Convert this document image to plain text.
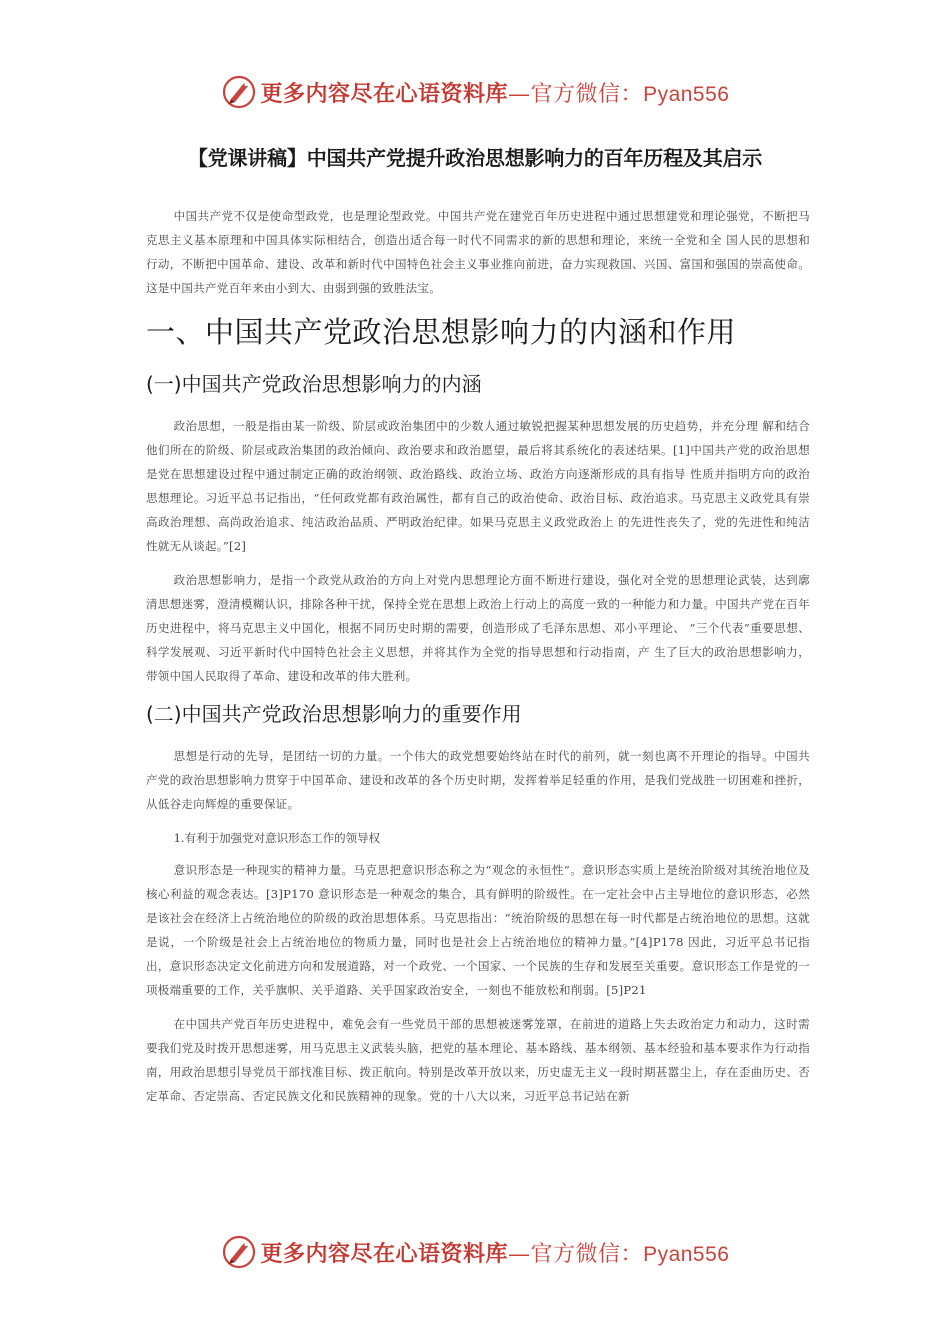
更多内容尽在心语资料库—官方微信：Pyan556
【党课讲稿】中国共产党提升政治思想影响力的百年历程及其启示

中国共产党不仅是使命型政党，也是理论型政党。中国共产党在建党百年历史进程中通过思想建党和理论强党，不断把马克思主义基本原理和中国具体实际相结合，创造出适合每一时代不同需求的新的思想和理论，来统一全党和全 国人民的思想和行动，不断把中国革命、建设、改革和新时代中国特色社会主义事业推向前进，奋力实现救国、兴国、富国和强国的崇高使命。这是中国共产党百年来由小到大、由弱到强的致胜法宝。

一、中国共产党政治思想影响力的内涵和作用
(一)中国共产党政治思想影响力的内涵

政治思想，一般是指由某一阶级、阶层或政治集团中的少数人通过敏锐把握某种思想发展的历史趋势，并充分理 解和结合他们所在的阶级、阶层或政治集团的政治倾向、政治要求和政治愿望，最后将其系统化的表述结果。[1]中国共产党的政治思想是党在思想建设过程中通过制定正确的政治纲领、政治路线、政治立场、政治方向逐渐形成的具有指导 性质并指明方向的政治思想理论。习近平总书记指出，“任何政党都有政治属性，都有自己的政治使命、政治目标、政治追求。马克思主义政党具有崇高政治理想、高尚政治追求、纯洁政治品质、严明政治纪律。如果马克思主义政党政治上 的先进性丧失了，党的先进性和纯洁性就无从谈起。”[2]

政治思想影响力，是指一个政党从政治的方向上对党内思想理论方面不断进行建设，强化对全党的思想理论武装，达到廓清思想迷雾，澄清模糊认识，排除各种干扰，保持全党在思想上政治上行动上的高度一致的一种能力和力量。中国共产党在百年历史进程中，将马克思主义中国化，根据不同历史时期的需要，创造形成了毛泽东思想、邓小平理论、 “三个代表”重要思想、科学发展观、习近平新时代中国特色社会主义思想，并将其作为全党的指导思想和行动指南，产 生了巨大的政治思想影响力，带领中国人民取得了革命、建设和改革的伟大胜利。

(二)中国共产党政治思想影响力的重要作用

思想是行动的先导，是团结一切的力量。一个伟大的政党想要始终站在时代的前列，就一刻也离不开理论的指导。中国共产党的政治思想影响力贯穿于中国革命、建设和改革的各个历史时期，发挥着举足轻重的作用，是我们党战胜一切困难和挫折，从低谷走向辉煌的重要保证。

1.有利于加强党对意识形态工作的领导权

意识形态是一种现实的精神力量。马克思把意识形态称之为“观念的永恒性”。意识形态实质上是统治阶级对其统治地位及核心利益的观念表达。[3]P170 意识形态是一种观念的集合，具有鲜明的阶级性。在一定社会中占主导地位的意识形态，必然是该社会在经济上占统治地位的阶级的政治思想体系。马克思指出：“统治阶级的思想在每一时代都是占统治地位的思想。这就是说，一个阶级是社会上占统治地位的物质力量，同时也是社会上占统治地位的精神力量。”[4]P178 因此，习近平总书记指出，意识形态决定文化前进方向和发展道路，对一个政党、一个国家、一个民族的生存和发展至关重要。意识形态工作是党的一项极端重要的工作，关乎旗帜、关乎道路、关乎国家政治安全，一刻也不能放松和削弱。[5]P21

在中国共产党百年历史进程中，难免会有一些党员干部的思想被迷雾笼罩，在前进的道路上失去政治定力和动力，这时需要我们党及时拨开思想迷雾，用马克思主义武装头脑，把党的基本理论、基本路线、基本纲领、基本经验和基本要求作为行动指南，用政治思想引导党员干部找准目标、拨正航向。特别是改革开放以来，历史虚无主义一段时期甚嚣尘上，存在歪曲历史、否定革命、否定崇高、否定民族文化和民族精神的现象。党的十八大以来，习近平总书记站在新

更多内容尽在心语资料库—官方微信：Pyan556
